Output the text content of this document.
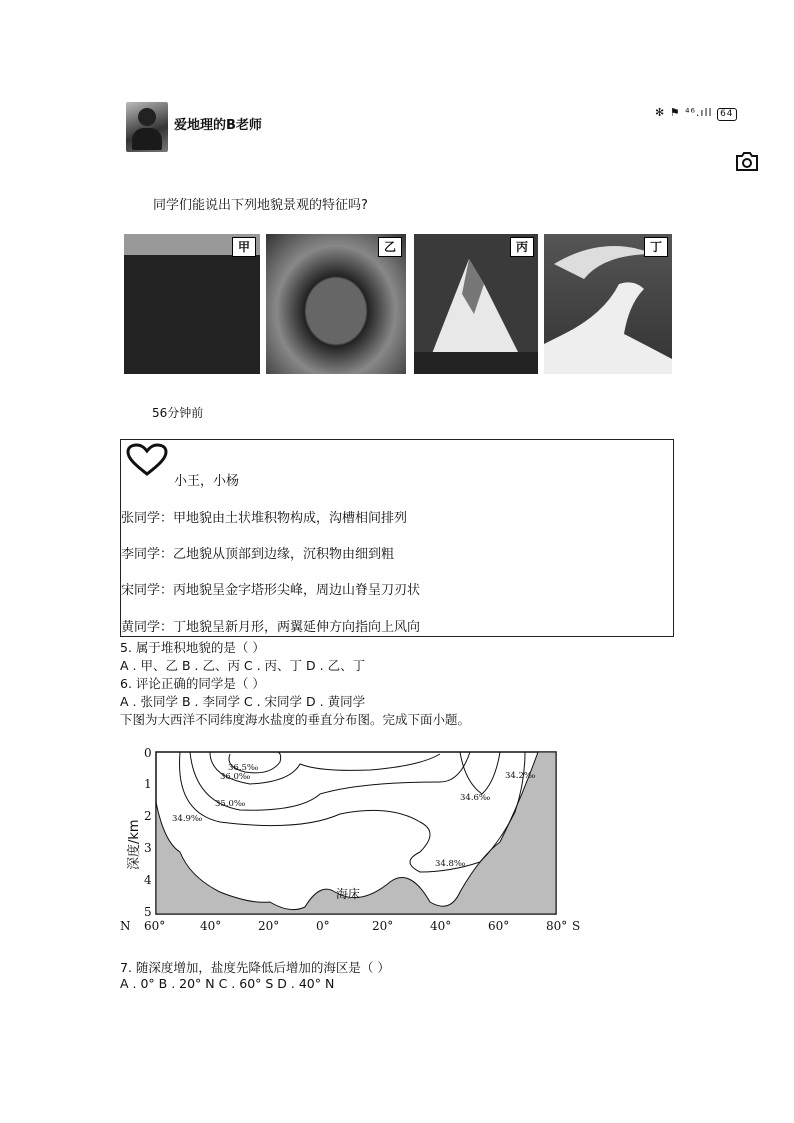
爱地理的B老师
✻ ⚑ ⁴⁶.ıll 64
同学们能说出下列地貌景观的特征吗?
甲	乙	丙	丁
56分钟前
小王，小杨
张同学：甲地貌由土状堆积物构成，沟槽相间排列
李同学：乙地貌从顶部到边缘，沉积物由细到粗
宋同学：丙地貌呈金字塔形尖峰，周边山脊呈刀刃状
黄同学：丁地貌呈新月形，两翼延伸方向指向上风向
5. 属于堆积地貌的是（ ）
A . 甲、乙 B . 乙、丙 C . 丙、丁 D . 乙、丁
6. 评论正确的同学是（ ）
A . 张同学 B . 李同学 C . 宋同学 D . 黄同学
下图为大西洋不同纬度海水盐度的垂直分布图。完成下面小题。
36.5‰
36.0‰
35.0‰
34.9‰
34.2‰
34.6‰
34.8‰
海床
0
1
2
3
4
5
深度/km
N 60°	40°	20°	0°	20°	40°	60°	80° S
7. 随深度增加，盐度先降低后增加的海区是（ ）
A . 0° B . 20° N C . 60° S D . 40° N
